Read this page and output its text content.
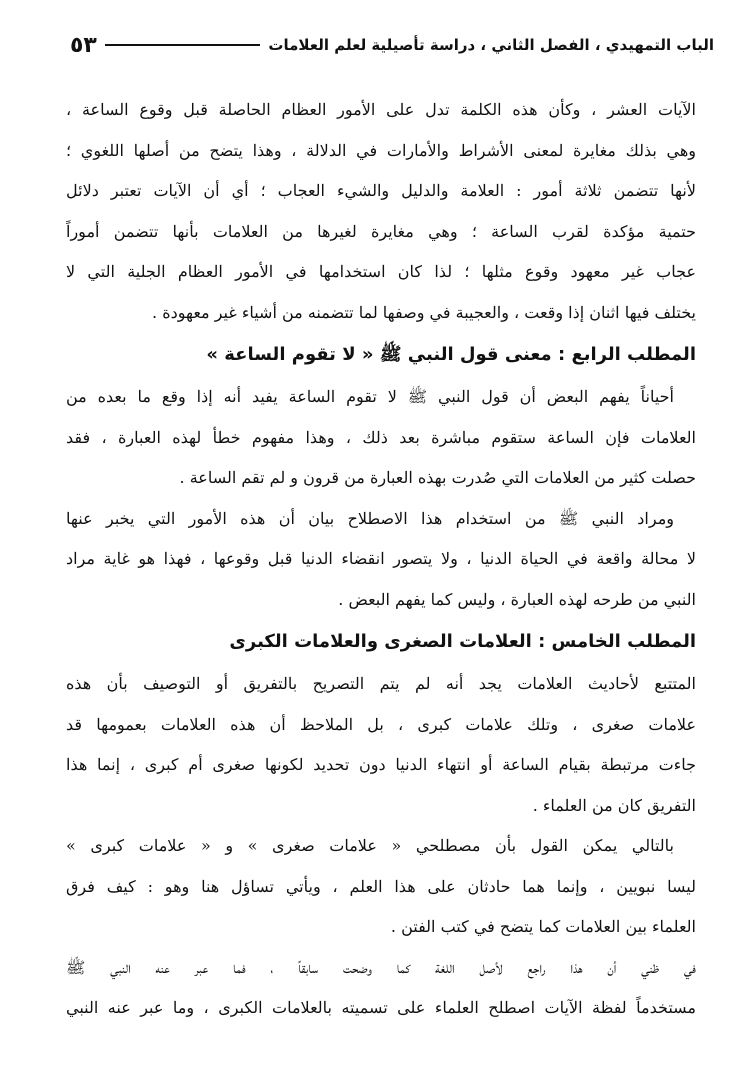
الباب التمهيدي ، الفصل الثاني ، دراسة تأصيلية لعلم العلامات
٥٣
الآيات العشر ، وكأن هذه الكلمة تدل على الأمور العظام الحاصلة قبل وقوع الساعة ،
وهي بذلك مغايرة لمعنى الأشراط والأمارات في الدلالة ، وهذا يتضح من أصلها اللغوي ؛
لأنها تتضمن ثلاثة أمور : العلامة والدليل والشيء العجاب ؛ أي أن الآيات تعتبر دلائل
حتمية مؤكدة لقرب الساعة ؛ وهي مغايرة لغيرها من العلامات بأنها تتضمن أموراً
عجاب غير معهود وقوع مثلها ؛ لذا كان استخدامها في الأمور العظام الجلية التي لا
يختلف فيها اثنان إذا وقعت ، والعجيبة في وصفها لما تتضمنه من أشياء غير معهودة .
المطلب الرابع : معنى قول النبي ﷺ « لا تقوم الساعة »
أحياناً يفهم البعض أن قول النبي ﷺ لا تقوم الساعة يفيد أنه إذا وقع ما بعده من
العلامات فإن الساعة ستقوم مباشرة بعد ذلك ، وهذا مفهوم خطأ لهذه العبارة ، فقد
حصلت كثير من العلامات التي صُدرت بهذه العبارة من قرون و لم تقم الساعة .
ومراد النبي ﷺ من استخدام هذا الاصطلاح بيان أن هذه الأمور التي يخبر عنها
لا محالة واقعة في الحياة الدنيا ، ولا يتصور انقضاء الدنيا قبل وقوعها ، فهذا هو غاية مراد
النبي من طرحه لهذه العبارة ، وليس كما يفهم البعض .
المطلب الخامس : العلامات الصغرى والعلامات الكبرى
المتتبع لأحاديث العلامات يجد أنه لم يتم التصريح بالتفريق أو التوصيف بأن هذه
علامات صغرى ، وتلك علامات كبرى ، بل الملاحظ أن هذه العلامات بعمومها قد
جاءت مرتبطة بقيام الساعة أو انتهاء الدنيا دون تحديد لكونها صغرى أم كبرى ، إنما هذا
التفريق كان من العلماء .
بالتالي يمكن القول بأن مصطلحي « علامات صغرى » و « علامات كبرى »
ليسا نبويين ، وإنما هما حادثان على هذا العلم ، ويأتي تساؤل هنا وهو : كيف فرق
العلماء بين العلامات كما يتضح في كتب الفتن .
في ظني أن هذا راجع لأصل اللغة كما وضحت سابقاً ، فما عبر عنه النبي ﷺ
مستخدماً لفظة الآيات اصطلح العلماء على تسميته بالعلامات الكبرى ، وما عبر عنه النبي
